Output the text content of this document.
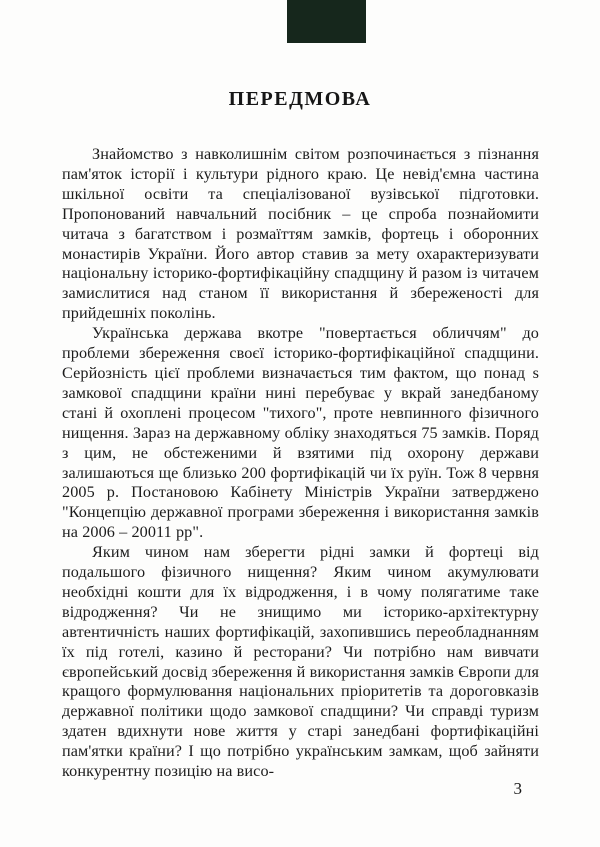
ПЕРЕДМОВА

Знайомство з навколишнім світом розпочинається з пізнання пам'яток історії і культури рідного краю. Це невід'ємна частина шкільної освіти та спеціалізованої вузівської підготовки. Пропонований навчальний посібник – це спроба познайомити читача з багатством і розмаїттям замків, фортець і оборонних монастирів України. Його автор ставив за мету охарактеризувати національну історико-фортифікаційну спадщину й разом із читачем замислитися над станом її використання й збереженості для прийдешніх поколінь.

Українська держава вкотре "повертається обличчям" до проблеми збереження своєї історико-фортифікаційної спадщини. Серйозність цієї проблеми визначається тим фактом, що понад s замкової спадщини країни нині перебуває у вкрай занедбаному стані й охоплені процесом "тихого", проте невпинного фізичного нищення. Зараз на державному обліку знаходяться 75 замків. Поряд з цим, не обстеженими й взятими під охорону держави залишаються ще близько 200 фортифікацій чи їх руїн. Тож 8 червня 2005 р. Постановою Кабінету Міністрів України затверджено "Концепцію державної програми збереження і використання замків на 2006 – 20011 рр".

Яким чином нам зберегти рідні замки й фортеці від подальшого фізичного нищення? Яким чином акумулювати необхідні кошти для їх відродження, і в чому полягатиме таке відродження? Чи не знищимо ми історико-архітектурну автентичність наших фортифікацій, захопившись переобладнанням їх під готелі, казино й ресторани? Чи потрібно нам вивчати європейський досвід збереження й використання замків Європи для кращого формулювання національних пріоритетів та дороговказів державної політики щодо замкової спадщини? Чи справді туризм здатен вдихнути нове життя у старі занедбані фортифікаційні пам'ятки країни? І що потрібно українським замкам, щоб зайняти конкурентну позицію на висо-

3
